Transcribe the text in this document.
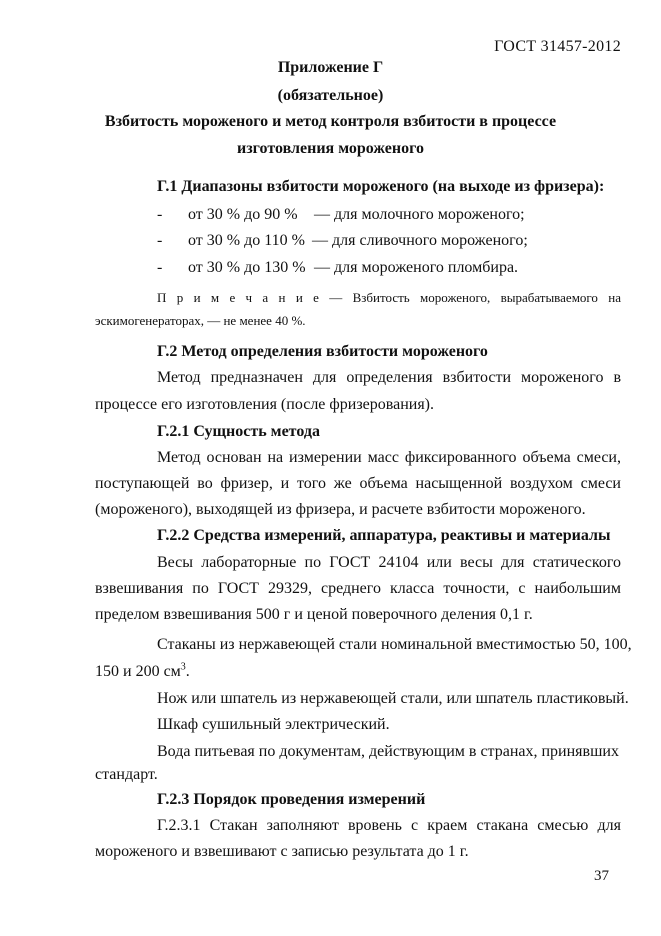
ГОСТ 31457-2012
Приложение Г
(обязательное)
Взбитость мороженого и метод контроля взбитости в процессе
изготовления мороженого
Г.1 Диапазоны взбитости мороженого (на выходе из фризера):
- от 30 % до 90 % — для молочного мороженого;
- от 30 % до 110 % — для сливочного мороженого;
- от 30 % до 130 % — для мороженого пломбира.
П р и м е ч а н и е — Взбитость мороженого, вырабатываемого на
эскимогенераторах, — не менее 40 %.
Г.2 Метод определения взбитости мороженого
Метод предназначен для определения взбитости мороженого в
процессе его изготовления (после фризерования).
Г.2.1 Сущность метода
Метод основан на измерении масс фиксированного объема смеси,
поступающей во фризер, и того же объема насыщенной воздухом смеси
(мороженого), выходящей из фризера, и расчете взбитости мороженого.
Г.2.2 Средства измерений, аппаратура, реактивы и материалы
Весы лабораторные по ГОСТ 24104 или весы для статического
взвешивания по ГОСТ 29329, среднего класса точности, с наибольшим
пределом взвешивания 500 г и ценой поверочного деления 0,1 г.
Стаканы из нержавеющей стали номинальной вместимостью 50, 100,
150 и 200 $см^3$.
Нож или шпатель из нержавеющей стали, или шпатель пластиковый.
Шкаф сушильный электрический.
Вода питьевая по документам, действующим в странах, принявших
стандарт.
Г.2.3 Порядок проведения измерений
Г.2.3.1 Стакан заполняют вровень с краем стакана смесью для
мороженого и взвешивают с записью результата до 1 г.
37
